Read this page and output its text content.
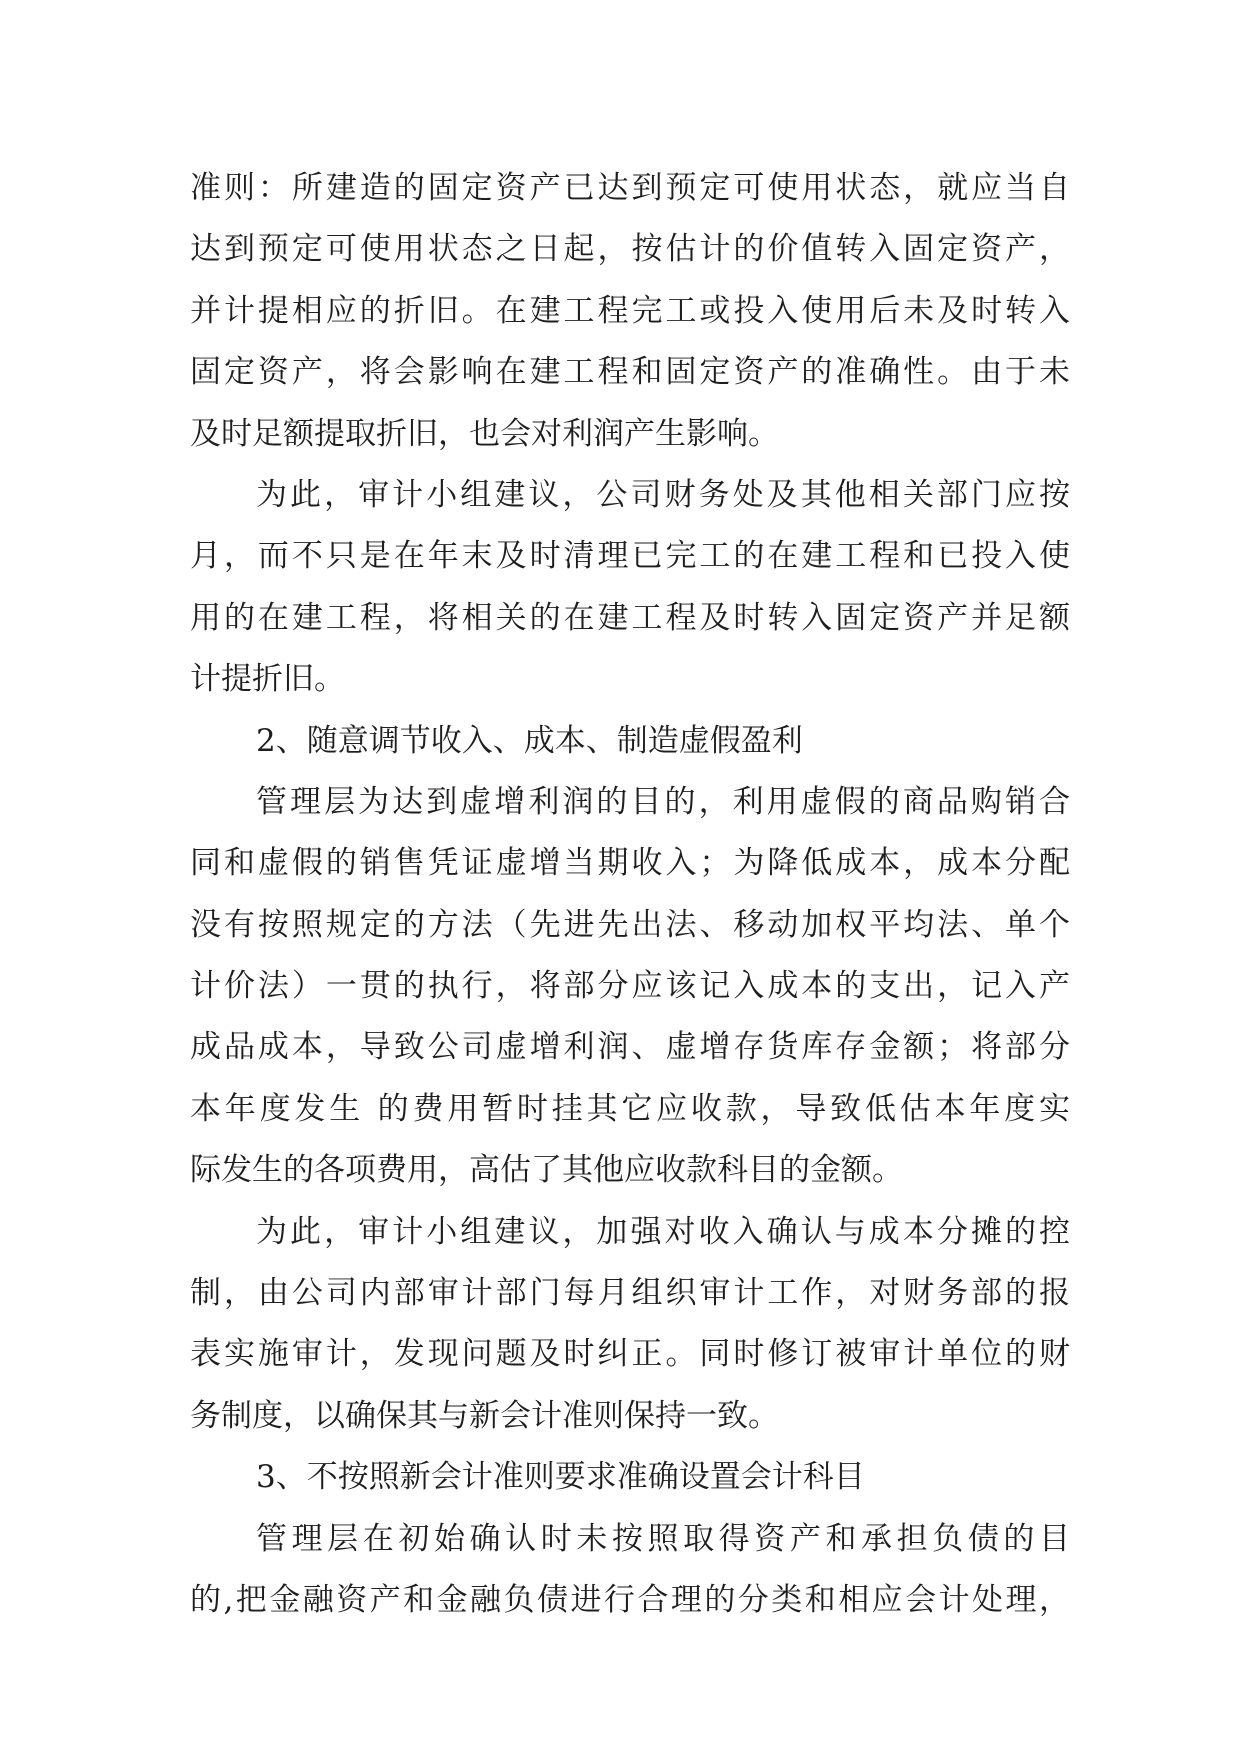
准则：所建造的固定资产已达到预定可使用状态，就应当自
达到预定可使用状态之日起，按估计的价值转入固定资产，
并计提相应的折旧。在建工程完工或投入使用后未及时转入
固定资产，将会影响在建工程和固定资产的准确性。由于未
及时足额提取折旧，也会对利润产生影响。
为此，审计小组建议，公司财务处及其他相关部门应按
月，而不只是在年末及时清理已完工的在建工程和已投入使
用的在建工程，将相关的在建工程及时转入固定资产并足额
计提折旧。
2、随意调节收入、成本、制造虚假盈利
管理层为达到虚增利润的目的，利用虚假的商品购销合
同和虚假的销售凭证虚增当期收入；为降低成本，成本分配
没有按照规定的方法（先进先出法、移动加权平均法、单个
计价法）一贯的执行，将部分应该记入成本的支出，记入产
成品成本，导致公司虚增利润、虚增存货库存金额；将部分
本年度发生 的费用暂时挂其它应收款，导致低估本年度实
际发生的各项费用，高估了其他应收款科目的金额。
为此，审计小组建议，加强对收入确认与成本分摊的控
制，由公司内部审计部门每月组织审计工作，对财务部的报
表实施审计，发现问题及时纠正。同时修订被审计单位的财
务制度，以确保其与新会计准则保持一致。
3、不按照新会计准则要求准确设置会计科目
管理层在初始确认时未按照取得资产和承担负债的目
的,把金融资产和金融负债进行合理的分类和相应会计处理，
